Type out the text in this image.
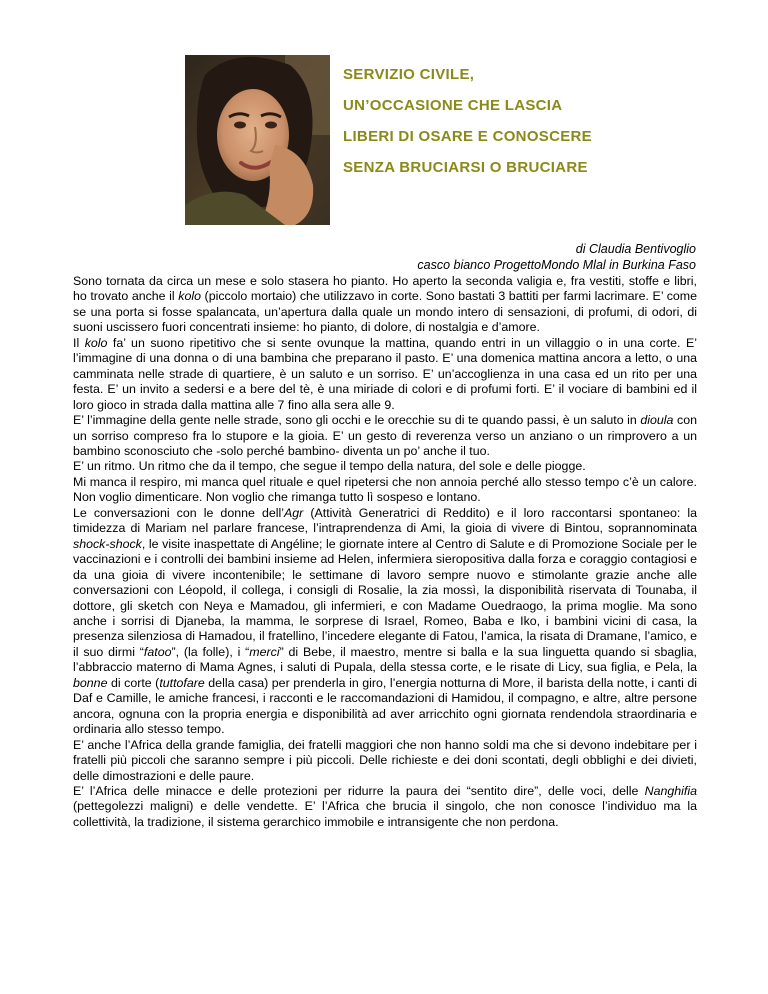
SERVIZIO CIVILE,
UN’OCCASIONE CHE LASCIA
LIBERI DI OSARE E CONOSCERE
SENZA BRUCIARSI O BRUCIARE
di Claudia Bentivoglio
casco bianco ProgettoMondo Mlal in Burkina Faso

Sono tornata da circa un mese e solo stasera ho pianto. Ho aperto la seconda valigia e, fra vestiti, stoffe e libri, ho trovato anche il kolo (piccolo mortaio) che utilizzavo in corte. Sono bastati 3 battiti per farmi lacrimare. E’ come se una porta si fosse spalancata, un’apertura dalla quale un mondo intero di sensazioni, di profumi, di odori, di suoni uscissero fuori concentrati insieme: ho pianto, di dolore, di nostalgia e d’amore.

Il kolo fa’ un suono ripetitivo che si sente ovunque la mattina, quando entri in un villaggio o in una corte. E’ l’immagine di una donna o di una bambina che preparano il pasto. E’ una domenica mattina ancora a letto, o una camminata nelle strade di quartiere, è un saluto e un sorriso. E’ un’accoglienza in una casa ed un rito per una festa. E’ un invito a sedersi e a bere del tè, è una miriade di colori e di profumi forti. E’ il vociare di bambini ed il loro gioco in strada dalla mattina alle 7 fino alla sera alle 9.

E’ l’immagine della gente nelle strade, sono gli occhi e le orecchie su di te quando passi, è un saluto in dioula con un sorriso compreso fra lo stupore e la gioia. E’ un gesto di reverenza verso un anziano o un rimprovero a un bambino sconosciuto che -solo perché bambino- diventa un po’ anche il tuo.

E’ un ritmo. Un ritmo che da il tempo, che segue il tempo della natura, del sole e delle piogge.

Mi manca il respiro, mi manca quel rituale e quel ripetersi che non annoia perché allo stesso tempo c’è un calore. Non voglio dimenticare. Non voglio che rimanga tutto lì sospeso e lontano.

Le conversazioni con le donne dell’Agr (Attività Generatrici di Reddito) e il loro raccontarsi spontaneo: la timidezza di Mariam nel parlare francese, l’intraprendenza di Ami, la gioia di vivere di Bintou, soprannominata shock-shock, le visite inaspettate di Angéline; le giornate intere al Centro di Salute e di Promozione Sociale per le vaccinazioni e i controlli dei bambini insieme ad Helen, infermiera sieropositiva dalla forza e coraggio contagiosi e da una gioia di vivere incontenibile; le settimane di lavoro sempre nuovo e stimolante grazie anche alle conversazioni con Léopold, il collega, i consigli di Rosalie, la zia mossì, la disponibilità riservata di Tounaba, il dottore, gli sketch con Neya e Mamadou, gli infermieri, e con Madame Ouedraogo, la prima moglie. Ma sono anche i sorrisi di Djaneba, la mamma, le sorprese di Israel, Romeo, Baba e Iko, i bambini vicini di casa, la presenza silenziosa di Hamadou, il fratellino, l’incedere elegante di Fatou, l’amica, la risata di Dramane, l’amico, e il suo dirmi “fatoo”, (la folle), i “merci” di Bebe, il maestro, mentre si balla e la sua linguetta quando si sbaglia, l’abbraccio materno di Mama Agnes, i saluti di Pupala, della stessa corte, e le risate di Licy, sua figlia, e Pela, la bonne di corte (tuttofare della casa) per prenderla in giro, l’energia notturna di More, il barista della notte, i canti di Daf e Camille, le amiche francesi, i racconti e le raccomandazioni di Hamidou, il compagno, e altre, altre persone ancora, ognuna con la propria energia e disponibilità ad aver arricchito ogni giornata rendendola straordinaria e ordinaria allo stesso tempo.

E’ anche l’Africa della grande famiglia, dei fratelli maggiori che non hanno soldi ma che si devono indebitare per i fratelli più piccoli che saranno sempre i più piccoli. Delle richieste e dei doni scontati, degli obblighi e dei divieti, delle dimostrazioni e delle paure.

E’ l’Africa delle minacce e delle protezioni per ridurre la paura dei “sentito dire”, delle voci, delle Nanghifia (pettegolezzi maligni) e delle vendette. E’ l’Africa che brucia il singolo, che non conosce l’individuo ma la collettività, la tradizione, il sistema gerarchico immobile e intransigente che non perdona.
